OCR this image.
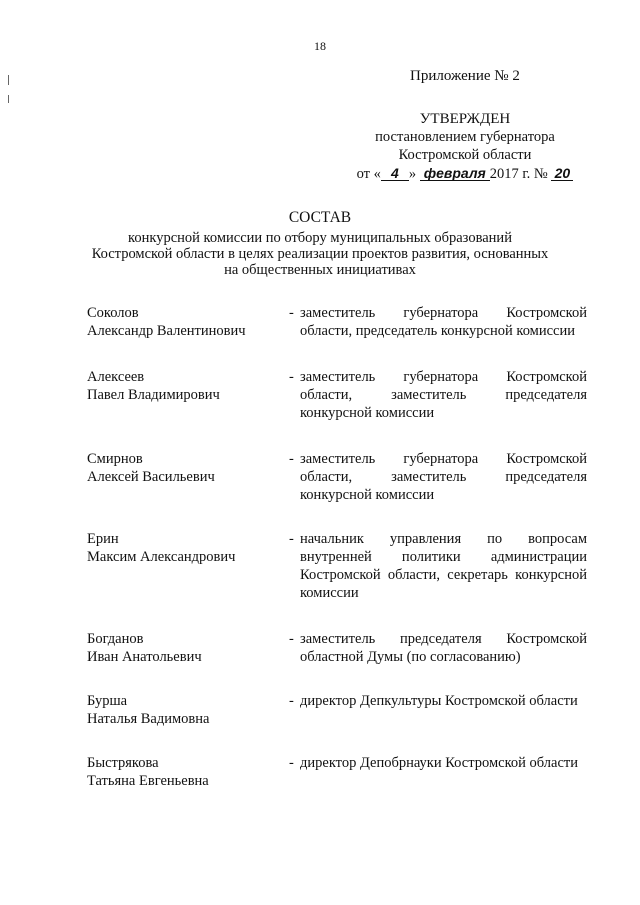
18
Приложение № 2
УТВЕРЖДЕН
постановлением губернатора
Костромской области
от « 4 » февраля 2017 г. № 20
СОСТАВ
конкурсной комиссии по отбору муниципальных образований
Костромской области в целях реализации проектов развития, основанных
на общественных инициативах
Соколов
Александр Валентинович
- заместитель губернатора Костромской области, председатель конкурсной комиссии
Алексеев
Павел Владимирович
- заместитель губернатора Костромской области, заместитель председателя конкурсной комиссии
Смирнов
Алексей Васильевич
- заместитель губернатора Костромской области, заместитель председателя конкурсной комиссии
Ерин
Максим Александрович
- начальник управления по вопросам внутренней политики администрации Костромской области, секретарь конкурсной комиссии
Богданов
Иван Анатольевич
- заместитель председателя Костромской областной Думы (по согласованию)
Бурша
Наталья Вадимовна
- директор Депкультуры Костромской области
Быстрякова
Татьяна Евгеньевна
- директор Депобрнауки Костромской области
